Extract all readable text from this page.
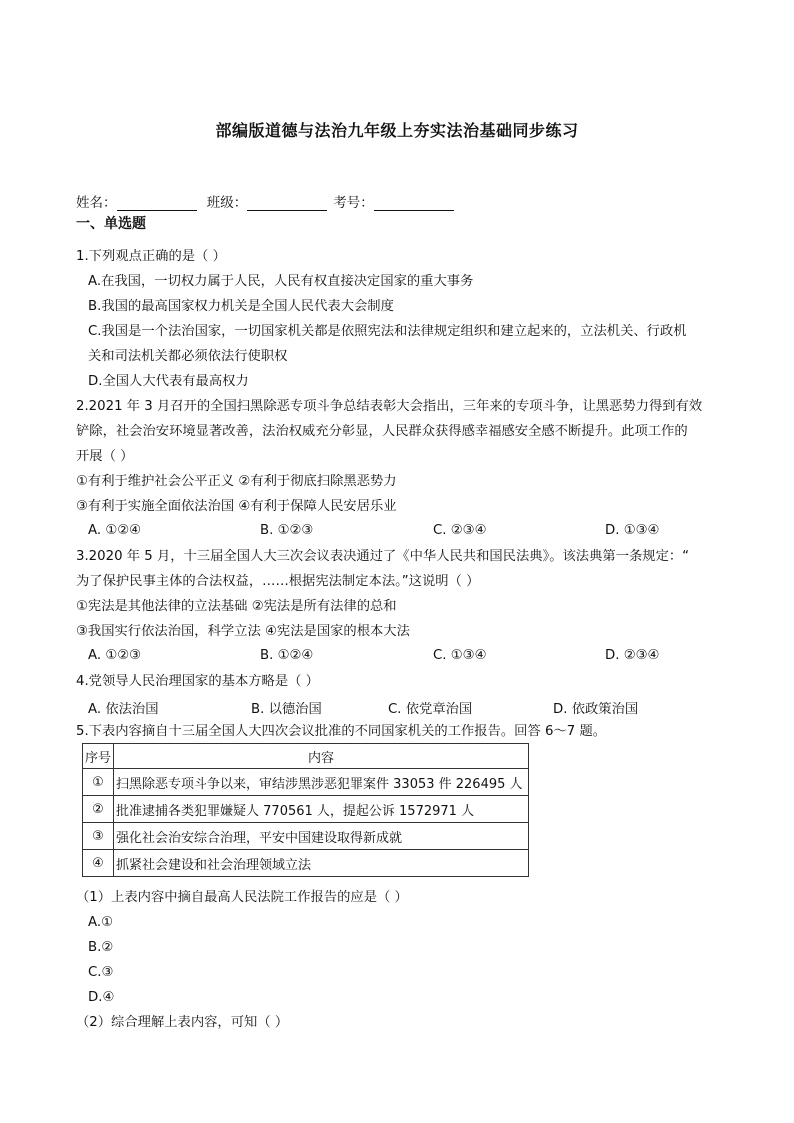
部编版道德与法治九年级上夯实法治基础同步练习
姓名：	班级：	考号：
一、单选题
1.下列观点正确的是（ ）
A.在我国，一切权力属于人民，人民有权直接决定国家的重大事务
B.我国的最高国家权力机关是全国人民代表大会制度
C.我国是一个法治国家，一切国家机关都是依照宪法和法律规定组织和建立起来的，立法机关、行政机
关和司法机关都必须依法行使职权
D.全国人大代表有最高权力
2.2021 年 3 月召开的全国扫黑除恶专项斗争总结表彰大会指出，三年来的专项斗争，让黑恶势力得到有效
铲除，社会治安环境显著改善，法治权威充分彰显，人民群众获得感幸福感安全感不断提升。此项工作的
开展（ ）
①有利于维护社会公平正义 ②有利于彻底扫除黑恶势力
③有利于实施全面依法治国 ④有利于保障人民安居乐业
A. ①②④	B. ①②③	C. ②③④	D. ①③④
3.2020 年 5 月，十三届全国人大三次会议表决通过了《中华人民共和国民法典》。该法典第一条规定：“
为了保护民事主体的合法权益，……根据宪法制定本法。”这说明（ ）
①宪法是其他法律的立法基础 ②宪法是所有法律的总和
③我国实行依法治国，科学立法 ④宪法是国家的根本大法
A. ①②③	B. ①②④	C. ①③④	D. ②③④
4.党领导人民治理国家的基本方略是（ ）
A. 依法治国	B. 以德治国	C. 依党章治国	D. 依政策治国
5.下表内容摘自十三届全国人大四次会议批准的不同国家机关的工作报告。回答 6～7 题。
序号	内容
①	扫黑除恶专项斗争以来，审结涉黑涉恶犯罪案件 33053 件 226495 人
②	批准逮捕各类犯罪嫌疑人 770561 人，提起公诉 1572971 人
③	强化社会治安综合治理，平安中国建设取得新成就
④	抓紧社会建设和社会治理领域立法
（1）上表内容中摘自最高人民法院工作报告的应是（ ）
A.①
B.②
C.③
D.④
（2）综合理解上表内容，可知（ ）
